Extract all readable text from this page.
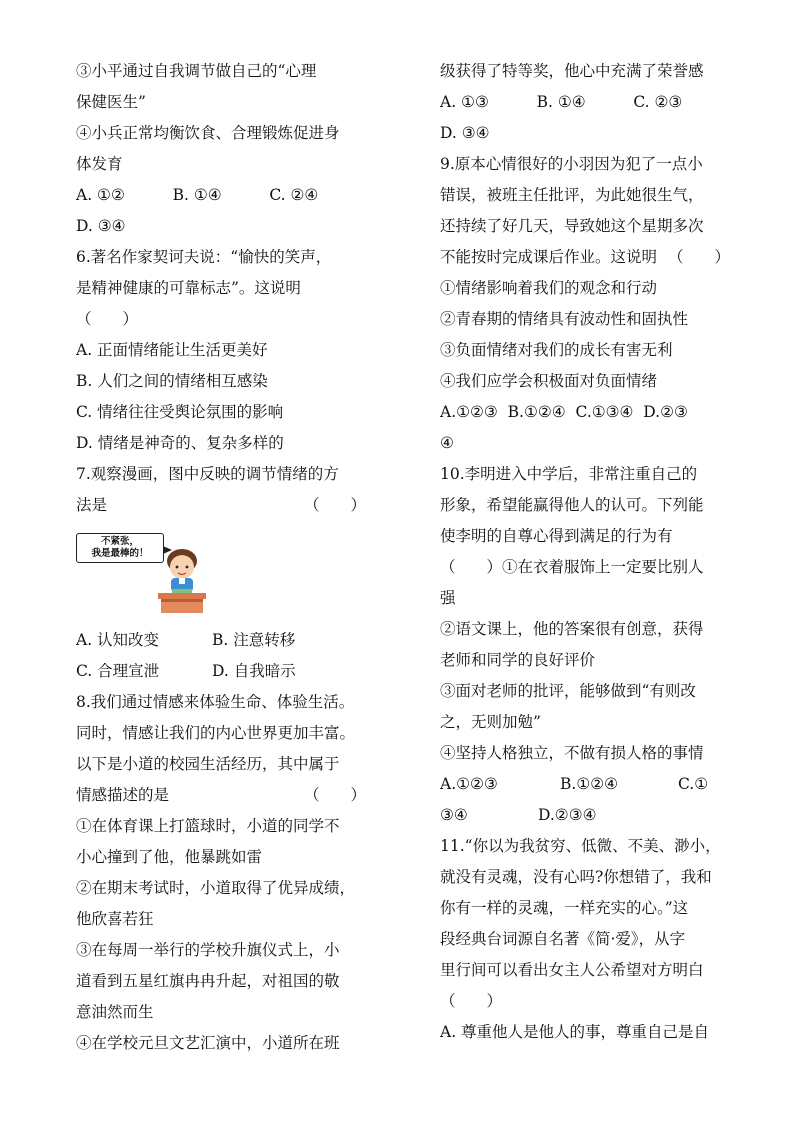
③小平通过自我调节做自己的“心理
保健医生”
④小兵正常均衡饮食、合理锻炼促进身
体发育
A. ①②	B. ①④	C. ②④
D. ③④
6.著名作家契诃夫说：“愉快的笑声，
是精神健康的可靠标志”。这说明
（　　）
A. 正面情绪能让生活更美好
B. 人们之间的情绪相互感染
C. 情绪往往受舆论氛围的影响
D. 情绪是神奇的、复杂多样的
7.观察漫画，图中反映的调节情绪的方
法是	（　　）
不紧张，
我是最棒的！
A. 认知改变	B. 注意转移
C. 合理宣泄	D. 自我暗示
8.我们通过情感来体验生命、体验生活。
同时，情感让我们的内心世界更加丰富。
以下是小道的校园生活经历，其中属于
情感描述的是	（　　）
①在体育课上打篮球时，小道的同学不
小心撞到了他，他暴跳如雷
②在期末考试时，小道取得了优异成绩，
他欣喜若狂
③在每周一举行的学校升旗仪式上，小
道看到五星红旗冉冉升起，对祖国的敬
意油然而生
④在学校元旦文艺汇演中，小道所在班
级获得了特等奖，他心中充满了荣誉感
A. ①③	B. ①④	C. ②③
D. ③④
9.原本心情很好的小羽因为犯了一点小
错误，被班主任批评，为此她很生气，
还持续了好几天，导致她这个星期多次
不能按时完成课后作业。这说明 （　　）
①情绪影响着我们的观念和行动
②青春期的情绪具有波动性和固执性
③负面情绪对我们的成长有害无利
④我们应学会积极面对负面情绪
A.①②③  B.①②④  C.①③④  D.②③
④
10.李明进入中学后，非常注重自己的
形象，希望能赢得他人的认可。下列能
使李明的自尊心得到满足的行为有
（　　）①在衣着服饰上一定要比别人
强
②语文课上，他的答案很有创意，获得
老师和同学的良好评价
③面对老师的批评，能够做到“有则改
之，无则加勉”
④坚持人格独立，不做有损人格的事情
A.①②③	B.①②④	C.①
③④	D.②③④
11.“你以为我贫穷、低微、不美、渺小，
就没有灵魂，没有心吗?你想错了，我和
你有一样的灵魂，一样充实的心。”这
段经典台词源自名著《简·爱》，从字
里行间可以看出女主人公希望对方明白
（　　）
A. 尊重他人是他人的事，尊重自己是自
